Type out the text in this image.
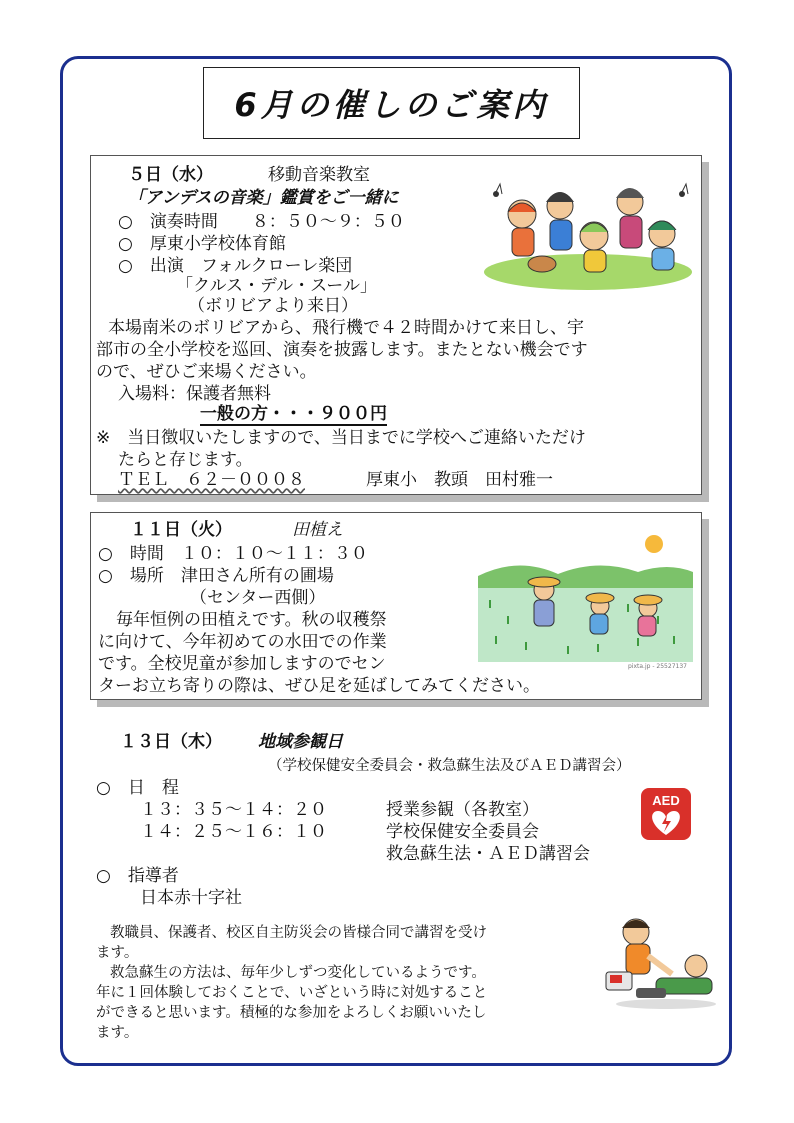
6月の催しのご案内
５日（水）	移動音楽教室
「アンデスの音楽」鑑賞をご一緒に
○　演奏時間　　８：５０～９：５０
○　厚東小学校体育館
○　出演　フォルクローレ楽団
「クルス・デル・スール」
（ボリビアより来日）
本場南米のボリビアから、飛行機で４２時間かけて来日し、宇
部市の全小学校を巡回、演奏を披露します。またとない機会です
ので、ぜひご来場ください。
入場料：保護者無料
一般の方・・・９００円
※　当日徴収いたしますので、当日までに学校へご連絡いただけ
たらと存じます。
ＴＥＬ　６２－０００８	厚東小　教頭　田村雅一
１１日（火）	田植え
○　時間　１０：１０～１１：３０
○　場所　津田さん所有の圃場
（センター西側）
毎年恒例の田植えです。秋の収穫祭
に向けて、今年初めての水田での作業
です。全校児童が参加しますのでセン
ターお立ち寄りの際は、ぜひ足を延ばしてみてください。
pixta.jp - 25527137
１３日（木） 地域参観日
（学校保健安全委員会・救急蘇生法及びＡＥＤ講習会）
○　日　程
１３：３５～１４：２０	授業参観（各教室）
１４：２５～１６：１０	学校保健安全委員会
救急蘇生法・ＡＥＤ講習会
○　指導者
日本赤十字社
教職員、保護者、校区自主防災会の皆様合同で講習を受け
ます。
救急蘇生の方法は、毎年少しずつ変化しているようです。
年に１回体験しておくことで、いざという時に対処すること
ができると思います。積極的な参加をよろしくお願いいたし
ます。
AED
